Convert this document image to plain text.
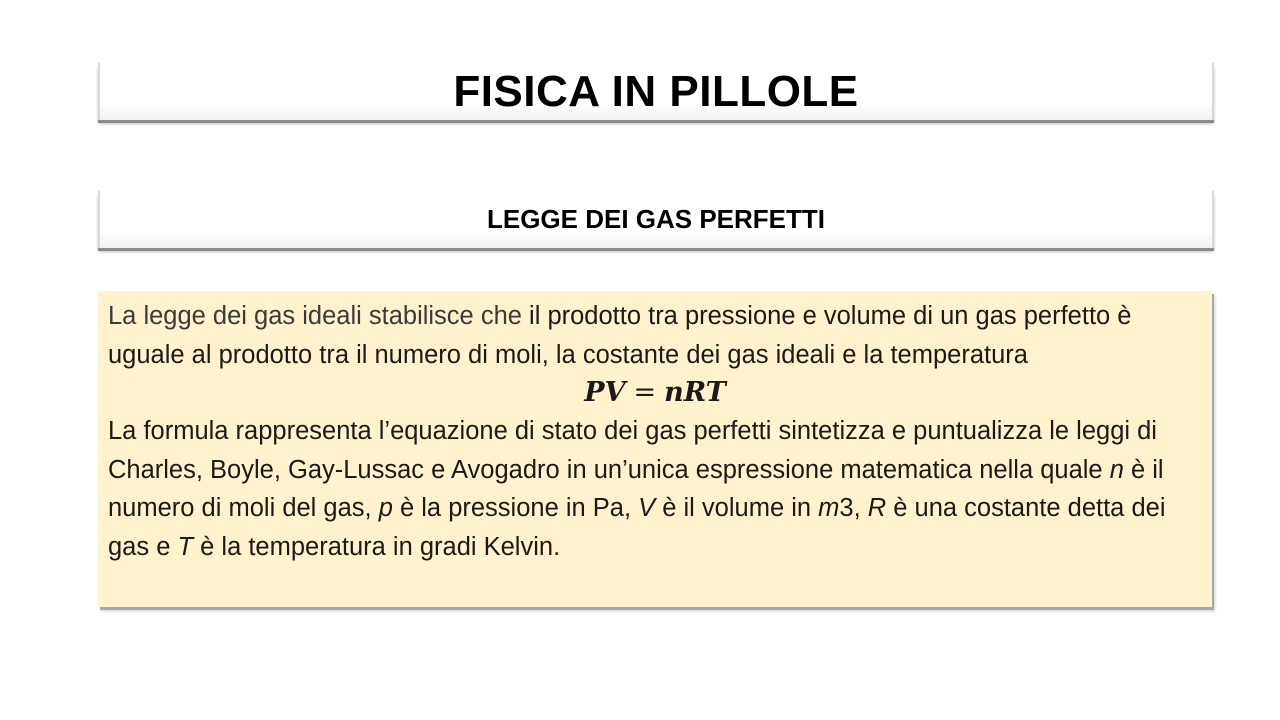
FISICA IN PILLOLE
LEGGE DEI GAS PERFETTI

La legge dei gas ideali stabilisce che il prodotto tra pressione e volume di un gas perfetto è uguale al prodotto tra il numero di moli, la costante dei gas ideali e la temperatura

PV = nRT

La formula rappresenta l’equazione di stato dei gas perfetti sintetizza e puntualizza le leggi di Charles, Boyle, Gay-Lussac e Avogadro in un’unica espressione matematica nella quale n è il numero di moli del gas, p è la pressione in Pa, V è il volume in m3, R è una costante detta dei gas e T è la temperatura in gradi Kelvin.
